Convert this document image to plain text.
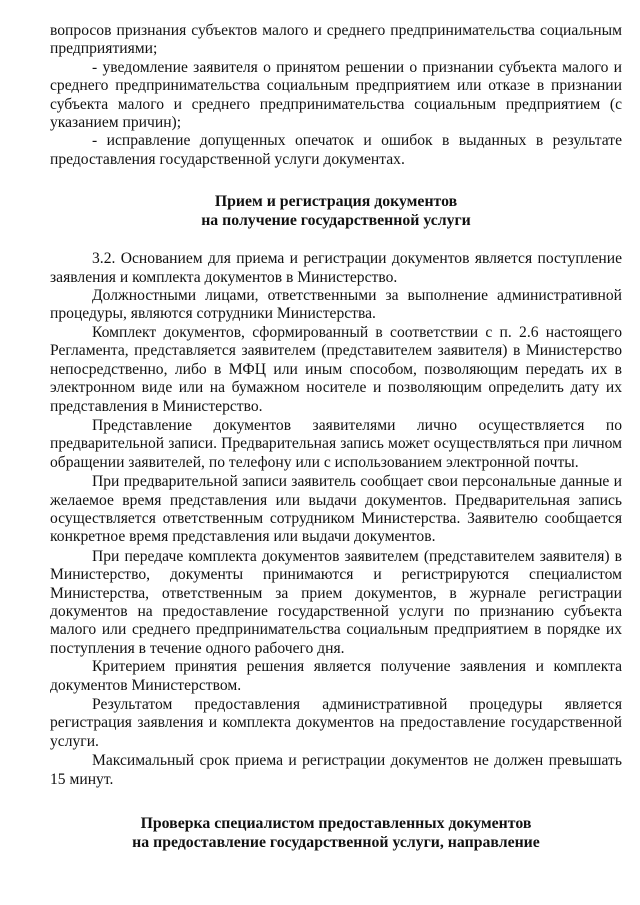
вопросов признания субъектов малого и среднего предпринимательства социальным предприятиями;

- уведомление заявителя о принятом решении о признании субъекта малого и среднего предпринимательства социальным предприятием или отказе в признании субъекта малого и среднего предпринимательства социальным предприятием (с указанием причин);

- исправление допущенных опечаток и ошибок в выданных в результате предоставления государственной услуги документах.

Прием и регистрация документов
на получение государственной услуги

3.2. Основанием для приема и регистрации документов является поступление заявления и комплекта документов в Министерство.

Должностными лицами, ответственными за выполнение административной процедуры, являются сотрудники Министерства.

Комплект документов, сформированный в соответствии с п. 2.6 настоящего Регламента, представляется заявителем (представителем заявителя) в Министерство непосредственно, либо в МФЦ или иным способом, позволяющим передать их в электронном виде или на бумажном носителе и позволяющим определить дату их представления в Министерство.

Представление документов заявителями лично осуществляется по предварительной записи. Предварительная запись может осуществляться при личном обращении заявителей, по телефону или с использованием электронной почты.

При предварительной записи заявитель сообщает свои персональные данные и желаемое время представления или выдачи документов. Предварительная запись осуществляется ответственным сотрудником Министерства. Заявителю сообщается конкретное время представления или выдачи документов.

При передаче комплекта документов заявителем (представителем заявителя) в Министерство, документы принимаются и регистрируются специалистом Министерства, ответственным за прием документов, в журнале регистрации документов на предоставление государственной услуги по признанию субъекта малого или среднего предпринимательства социальным предприятием в порядке их поступления в течение одного рабочего дня.

Критерием принятия решения является получение заявления и комплекта документов Министерством.

Результатом предоставления административной процедуры является регистрация заявления и комплекта документов на предоставление государственной услуги.

Максимальный срок приема и регистрации документов не должен превышать 15 минут.

Проверка специалистом предоставленных документов
на предоставление государственной услуги, направление
